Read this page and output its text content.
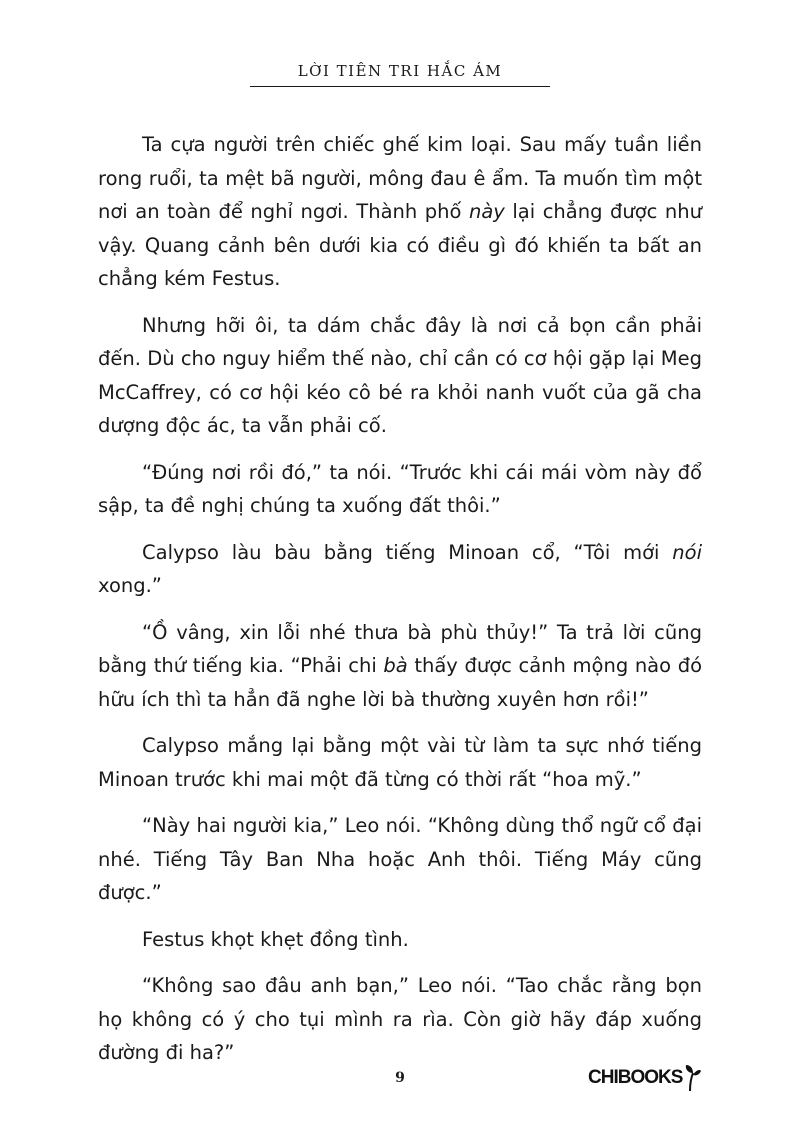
LỜI TIÊN TRI HẮC ÁM

Ta cựa người trên chiếc ghế kim loại. Sau mấy tuần liền rong ruổi, ta mệt bã người, mông đau ê ẩm. Ta muốn tìm một nơi an toàn để nghỉ ngơi. Thành phố này lại chẳng được như vậy. Quang cảnh bên dưới kia có điều gì đó khiến ta bất an chẳng kém Festus.

Nhưng hỡi ôi, ta dám chắc đây là nơi cả bọn cần phải đến. Dù cho nguy hiểm thế nào, chỉ cần có cơ hội gặp lại Meg McCaffrey, có cơ hội kéo cô bé ra khỏi nanh vuốt của gã cha dượng độc ác, ta vẫn phải cố.

“Đúng nơi rồi đó,” ta nói. “Trước khi cái mái vòm này đổ sập, ta đề nghị chúng ta xuống đất thôi.”

Calypso làu bàu bằng tiếng Minoan cổ, “Tôi mới nói xong.”

“Ồ vâng, xin lỗi nhé thưa bà phù thủy!” Ta trả lời cũng bằng thứ tiếng kia. “Phải chi bà thấy được cảnh mộng nào đó hữu ích thì ta hẳn đã nghe lời bà thường xuyên hơn rồi!”

Calypso mắng lại bằng một vài từ làm ta sực nhớ tiếng Minoan trước khi mai một đã từng có thời rất “hoa mỹ.”

“Này hai người kia,” Leo nói. “Không dùng thổ ngữ cổ đại nhé. Tiếng Tây Ban Nha hoặc Anh thôi. Tiếng Máy cũng được.”

Festus khọt khẹt đồng tình.

“Không sao đâu anh bạn,” Leo nói. “Tao chắc rằng bọn họ không có ý cho tụi mình ra rìa. Còn giờ hãy đáp xuống đường đi ha?”

9	CHIBOOKS
